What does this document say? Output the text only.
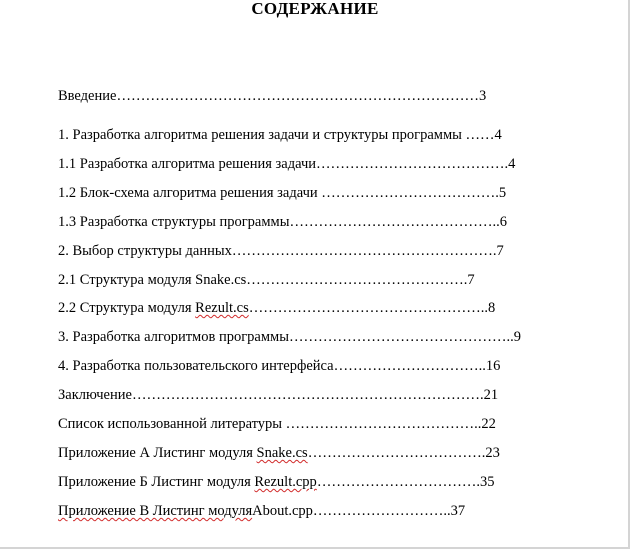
СОДЕРЖАНИЕ
Введение…………………………………………………………………3
1. Разработка алгоритма решения задачи и структуры программы ……4
1.1 Разработка алгоритма решения задачи………………………………….4
1.2 Блок-схема алгоритма решения задачи ……………………………….5
1.3 Разработка структуры программы……………………………………..6
2. Выбор структуры данных……………………………………………….7
2.1 Структура модуля Snake.cs……………………………………….7
2.2 Структура модуля Rezult.cs…………………………………………..8
3. Разработка алгоритмов программы………………………………………..9
4. Разработка пользовательского интерфейса…………………………..16
Заключение……………………………………………………………….21
Список использованной литературы …………………………………..22
Приложение А Листинг модуля Snake.cs……………………………….23
Приложение Б Листинг модуля Rezult.cpp…………………………….35
Приложение В Листинг модуляAbout.cpp………………………..37
